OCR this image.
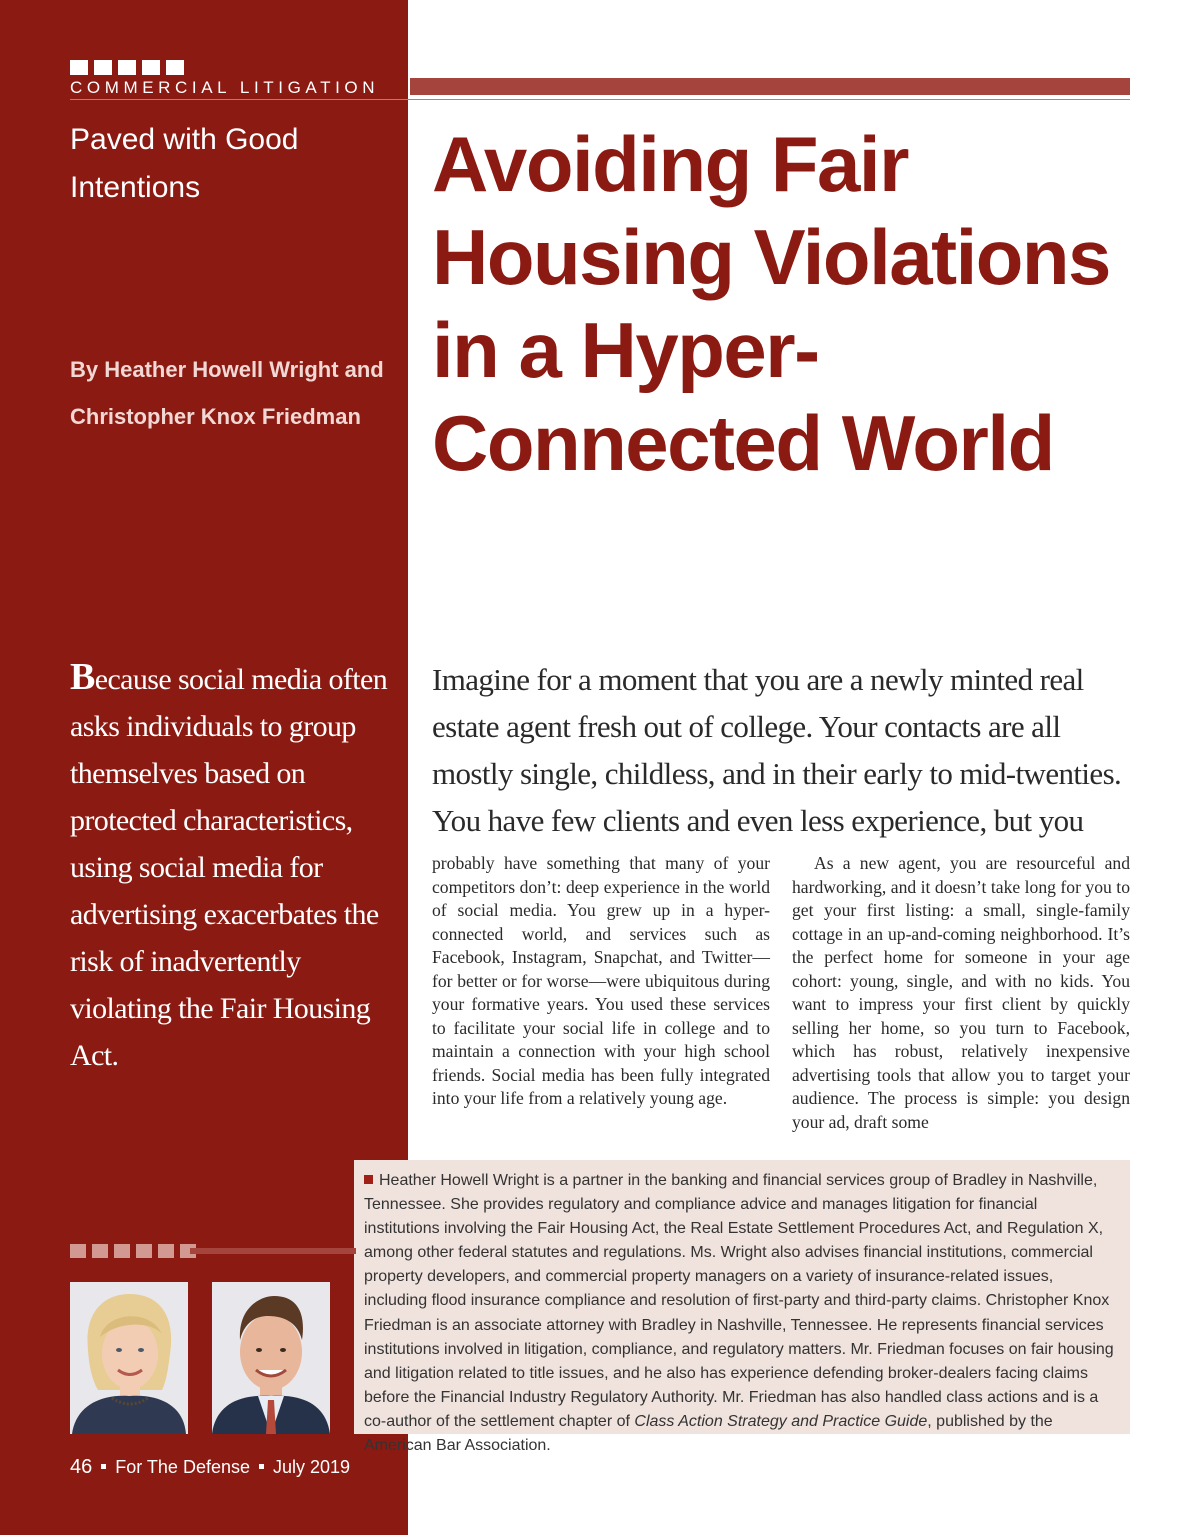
COMMERCIAL LITIGATION
Paved with Good Intentions
By Heather Howell Wright and
Christopher Knox Friedman
Avoiding Fair Housing Violations in a Hyper-Connected World
Because social media often asks individuals to group themselves based on protected characteristics, using social media for advertising exacerbates the risk of inadvertently violating the Fair Housing Act.
Imagine for a moment that you are a newly minted real estate agent fresh out of college. Your contacts are all mostly single, childless, and in their early to mid-twenties. You have few clients and even less experience, but you

probably have something that many of your competitors don’t: deep experience in the world of social media. You grew up in a hyper-connected world, and services such as Facebook, Instagram, Snapchat, and Twitter—for better or for worse—were ubiquitous during your formative years. You used these services to facilitate your social life in college and to maintain a connection with your high school friends. Social media has been fully integrated into your life from a relatively young age.

As a new agent, you are resourceful and hardworking, and it doesn’t take long for you to get your first listing: a small, single-family cottage in an up-and-coming neighborhood. It’s the perfect home for someone in your age cohort: young, single, and with no kids. You want to impress your first client by quickly selling her home, so you turn to Facebook, which has robust, relatively inexpensive advertising tools that allow you to target your audience. The process is simple: you design your ad, draft some

Heather Howell Wright is a partner in the banking and financial services group of Bradley in Nashville, Tennessee. She provides regulatory and compliance advice and manages litigation for financial institutions involving the Fair Housing Act, the Real Estate Settlement Procedures Act, and Regulation X, among other federal statutes and regulations. Ms. Wright also advises financial institutions, commercial property developers, and commercial property managers on a variety of insurance-related issues, including flood insurance compliance and resolution of first-party and third-party claims. Christopher Knox Friedman is an associate attorney with Bradley in Nashville, Tennessee. He represents financial services institutions involved in litigation, compliance, and regulatory matters. Mr. Friedman focuses on fair housing and litigation related to title issues, and he also has experience defending broker-dealers facing claims before the Financial Industry Regulatory Authority. Mr. Friedman has also handled class actions and is a co-author of the settlement chapter of Class Action Strategy and Practice Guide, published by the American Bar Association.

46 For The Defense July 2019
